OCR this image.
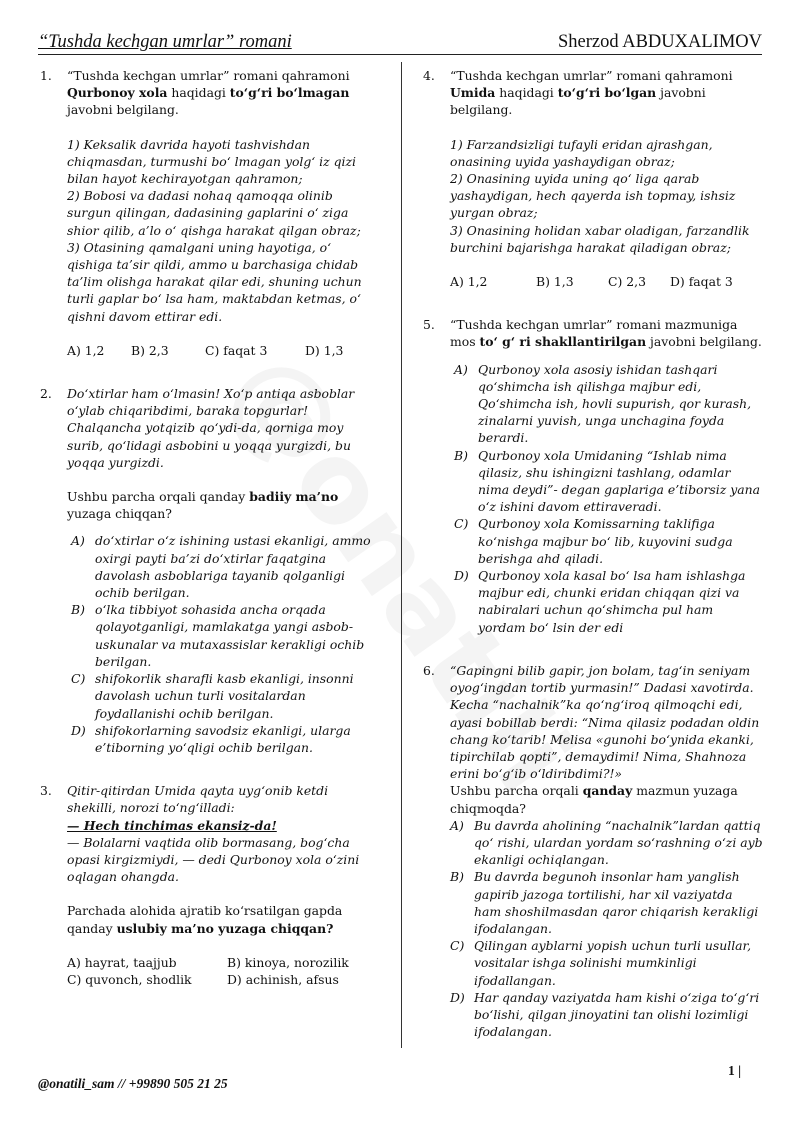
“Tushda kechgan umrlar” romani	Sherzod ABDUXALIMOV
1. “Tushda kechgan umrlar” romani qahramoni Qurbonoy xola haqidagi to‘g‘ri bo‘lmagan javobni belgilang.

1) Keksalik davrida hayoti tashvishdan chiqmasdan, turmushi bo‘ lmagan yolg‘ iz qizi bilan hayot kechirayotgan qahramon;

2) Bobosi va dadasi nohaq qamoqqa olinib surgun qilingan, dadasining gaplarini o‘ ziga shior qilib, a’lo o‘ qishga harakat qilgan obraz;

3) Otasining qamalgani uning hayotiga, o‘ qishiga ta’sir qildi, ammo u barchasiga chidab ta’lim olishga harakat qilar edi, shuning uchun turli gaplar bo‘ lsa ham, maktabdan ketmas, o‘ qishni davom ettirar edi.

A) 1,2	B) 2,3	C) faqat 3	D) 1,3
2. Do‘xtirlar ham o‘lmasin! Xo‘p antiqa asboblar o‘ylab chiqaribdimi, baraka topgurlar! Chalqancha yotqizib qo‘ydi-da, qorniga moy surib, qo‘lidagi asbobini u yoqqa yurgizdi, bu yoqqa yurgizdi.

Ushbu parcha orqali qanday badiiy ma’no yuzaga chiqqan?

A) do‘xtirlar o‘z ishining ustasi ekanligi, ammo oxirgi payti ba’zi do‘xtirlar faqatgina davolash asboblariga tayanib qolganligi ochib berilgan.
B) o‘lka tibbiyot sohasida ancha orqada qolayotganligi, mamlakatga yangi asbob-uskunalar va mutaxassislar kerakligi ochib berilgan.
C) shifokorlik sharafli kasb ekanligi, insonni davolash uchun turli vositalardan foydallanishi ochib berilgan.
D) shifokorlarning savodsiz ekanligi, ularga e’tiborning yo‘qligi ochib berilgan.
3. Qitir-qitirdan Umida qayta uyg‘onib ketdi shekilli, norozi to‘ng‘illadi:

— Hech tinchimas ekansiz-da!

— Bolalarni vaqtida olib bormasang, bog‘cha opasi kirgizmiydi, — dedi Qurbonoy xola o‘zini oqlagan ohangda.

Parchada alohida ajratib ko‘rsatilgan gapda qanday uslubiy ma’no yuzaga chiqqan?

A) hayrat, taajjub	B) kinoya, norozilik
C) quvonch, shodlik	D) achinish, afsus
4. “Tushda kechgan umrlar” romani qahramoni Umida haqidagi to‘g‘ri bo‘lgan javobni belgilang.

1) Farzandsizligi tufayli eridan ajrashgan, onasining uyida yashaydigan obraz;

2) Onasining uyida uning qo‘ liga qarab yashaydigan, hech qayerda ish topmay, ishsiz yurgan obraz;

3) Onasining holidan xabar oladigan, farzandlik burchini bajarishga harakat qiladigan obraz;

A) 1,2	B) 1,3	C) 2,3	D) faqat 3
5. “Tushda kechgan umrlar” romani mazmuniga mos to‘ g‘ ri shakllantirilgan javobni belgilang.

A) Qurbonoy xola asosiy ishidan tashqari qo‘shimcha ish qilishga majbur edi, Qo‘shimcha ish, hovli supurish, qor kurash, zinalarni yuvish, unga unchagina foyda berardi.
B) Qurbonoy xola Umidaning “Ishlab nima qilasiz, shu ishingizni tashlang, odamlar nima deydi”- degan gaplariga e’tiborsiz yana o‘z ishini davom ettiraveradi.
C) Qurbonoy xola Komissarning taklifiga ko‘nishga majbur bo‘ lib, kuyovini sudga berishga ahd qiladi.
D) Qurbonoy xola kasal bo‘ lsa ham ishlashga majbur edi, chunki eridan chiqqan qizi va nabiralari uchun qo‘shimcha pul ham yordam bo‘ lsin der edi
6. “Gapingni bilib gapir, jon bolam, tag‘in seniyam oyog‘ingdan tortib yurmasin!” Dadasi xavotirda. Kecha “nachalnik”ka qo‘ng‘iroq qilmoqchi edi, ayasi bobillab berdi: “Nima qilasiz podadan oldin chang ko‘tarib! Melisa «gunohi bo‘ynida ekanki, tipirchilab qopti”, demaydimi! Nima, Shahnoza erini bo‘g‘ib o‘ldiribdimi?!»

Ushbu parcha orqali qanday mazmun yuzaga chiqmoqda?

A) Bu davrda aholining “nachalnik”lardan qattiq qo‘ rishi, ulardan yordam so‘rashning o‘zi ayb ekanligi ochiqlangan.
B) Bu davrda begunoh insonlar ham yanglish gapirib jazoga tortilishi, har xil vaziyatda ham shoshilmasdan qaror chiqarish kerakligi ifodalangan.
C) Qilingan ayblarni yopish uchun turli usullar, vositalar ishga solinishi mumkinligi ifodallangan.
D) Har qanday vaziyatda ham kishi o‘ziga to‘g‘ri bo‘lishi, qilgan jinoyatini tan olishi lozimligi ifodalangan.
1 |
@onatili_sam // +99890 505 21 25
